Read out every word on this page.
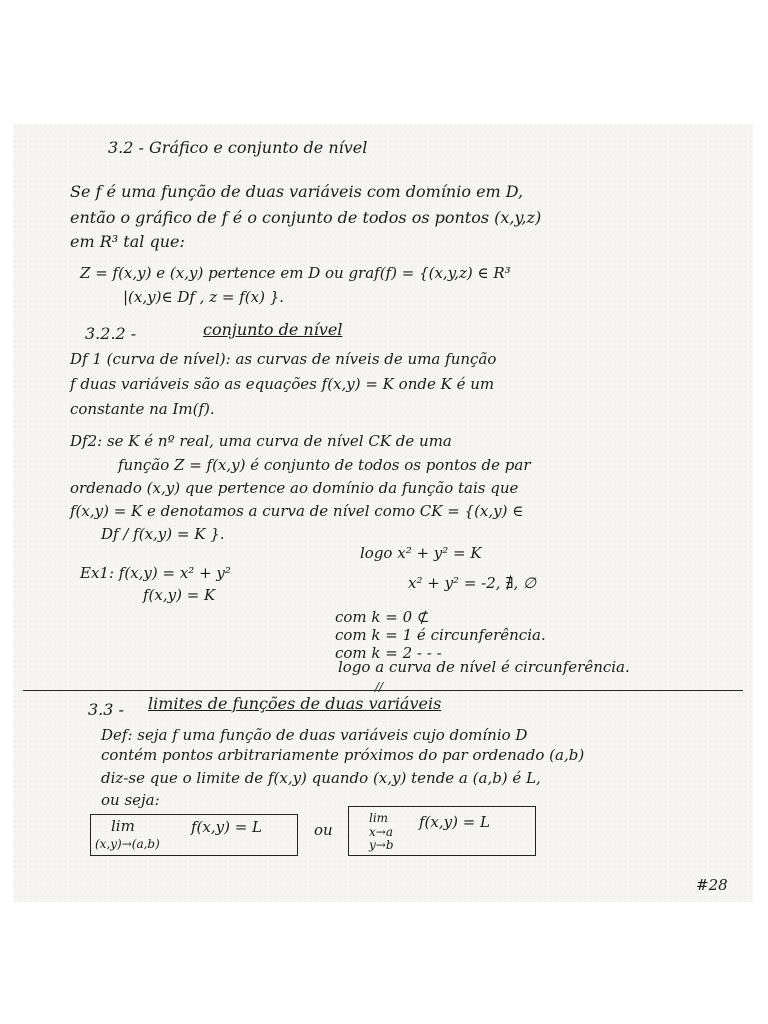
3.2 - Gráfico e conjunto de nível
Se f é uma função de duas variáveis com domínio em D,
então o gráfico de f é o conjunto de todos os pontos (x,y,z)
em R³ tal que:
Z = f(x,y) e (x,y) pertence em D ou graf(f) = {(x,y,z) ∈ R³
|(x,y)∈ Df , z = f(x) }.
3.2.2 -	conjunto de nível
Df 1 (curva de nível): as curvas de níveis de uma função
f duas variáveis são as equações f(x,y) = K onde K é um
constante na Im(f).
Df2: se K é nº real, uma curva de nível CK de uma
função Z = f(x,y) é conjunto de todos os pontos de par
ordenado (x,y) que pertence ao domínio da função tais que
f(x,y) = K e denotamos a curva de nível como CK = {(x,y) ∈
Df / f(x,y) = K }.
Ex1: f(x,y) = x² + y²
f(x,y) = K
logo x² + y² = K
x² + y² = -2, ∄, ∅
com k = 0 ⊄
com k = 1 é circunferência.
com k = 2 - - -
logo a curva de nível é circunferência.
//
3.3 - limites de funções de duas variáveis
Def: seja f uma função de duas variáveis cujo domínio D
contém pontos arbitrariamente próximos do par ordenado (a,b)
diz-se que o limite de f(x,y) quando (x,y) tende a (a,b) é L,
ou seja:
lim	f(x,y) = L
(x,y)→(a,b)
ou
lim f(x,y) = L
x→a
y→b
#28
